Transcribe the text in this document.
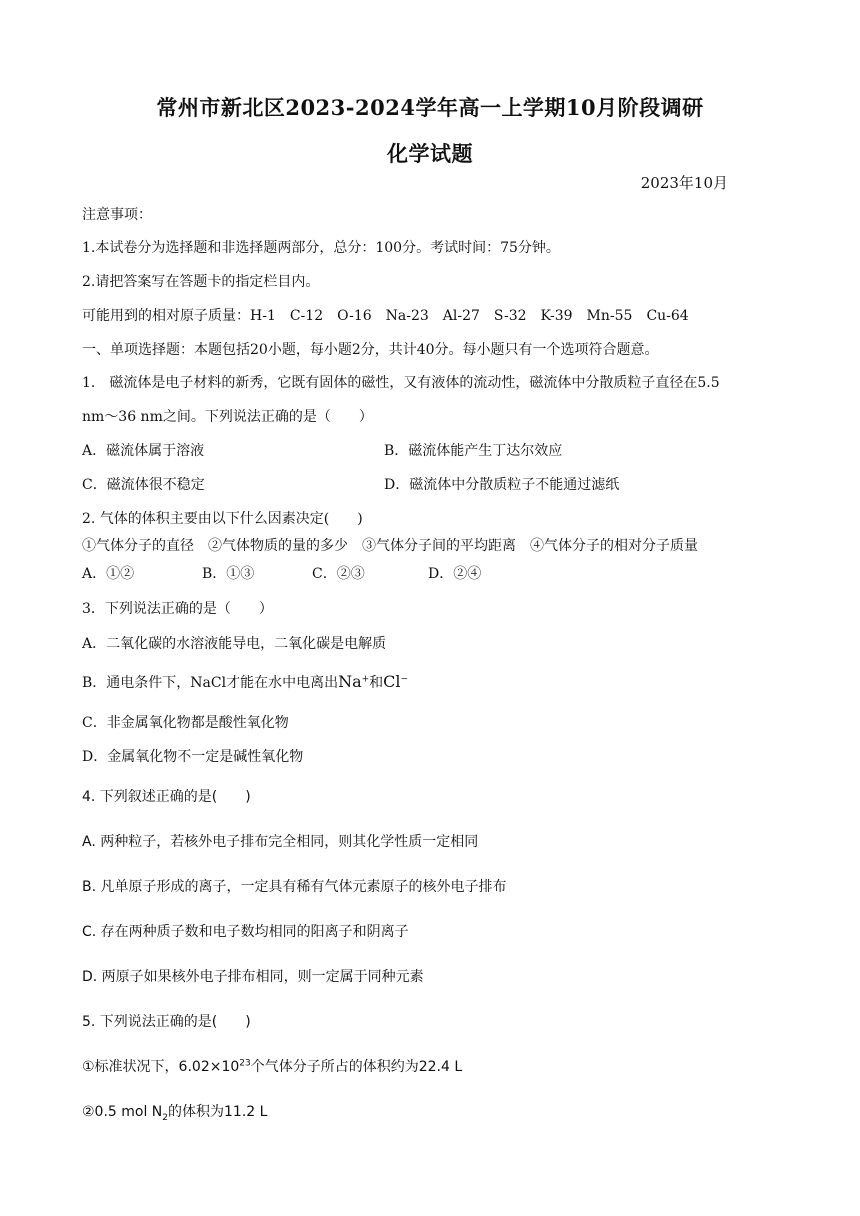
常州市新北区2023-2024学年高一上学期10月阶段调研
化学试题
2023年10月
注意事项：
1.本试卷分为选择题和非选择题两部分，总分：100分。考试时间：75分钟。
2.请把答案写在答题卡的指定栏目内。
可能用到的相对原子质量：H-1　C-12　O-16　Na-23　Al-27　S-32　K-39　Mn-55　Cu-64
一、单项选择题：本题包括20小题，每小题2分，共计40分。每小题只有一个选项符合题意。
1.　磁流体是电子材料的新秀，它既有固体的磁性，又有液体的流动性，磁流体中分散质粒子直径在5.5
nm～36 nm之间。下列说法正确的是（　　）
A．磁流体属于溶液	B．磁流体能产生丁达尔效应
C．磁流体很不稳定	D．磁流体中分散质粒子不能通过滤纸
2. 气体的体积主要由以下什么因素决定(　　)
①气体分子的直径　②气体物质的量的多少　③气体分子间的平均距离　④气体分子的相对分子质量
A．①②	B．①③	C．②③	D．②④
3．下列说法正确的是（　　）
A．二氧化碳的水溶液能导电，二氧化碳是电解质
B．通电条件下，NaCl才能在水中电离出Na+和Cl−
C．非金属氧化物都是酸性氧化物
D．金属氧化物不一定是碱性氧化物
4. 下列叙述正确的是(　　)
A. 两种粒子，若核外电子排布完全相同，则其化学性质一定相同
B. 凡单原子形成的离子，一定具有稀有气体元素原子的核外电子排布
C. 存在两种质子数和电子数均相同的阳离子和阴离子
D. 两原子如果核外电子排布相同，则一定属于同种元素
5. 下列说法正确的是(　　)
①标准状况下，$6.02\times 10^{23}$个气体分子所占的体积约为22.4 L
②0.5 mol $N_2$的体积为11.2 L
